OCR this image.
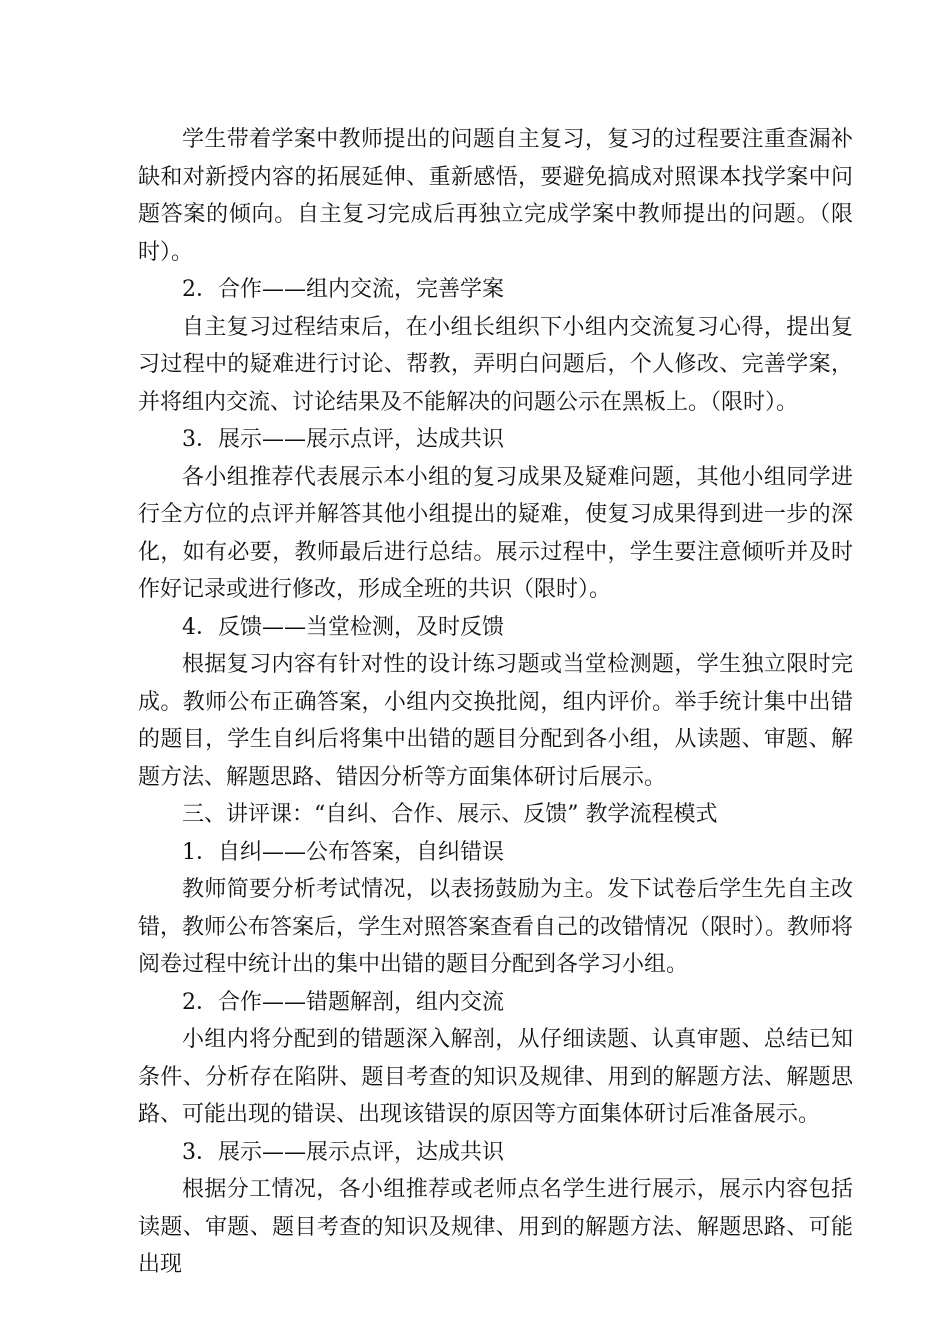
学生带着学案中教师提出的问题自主复习，复习的过程要注重查漏补缺和对新授内容的拓展延伸、重新感悟，要避免搞成对照课本找学案中问题答案的倾向。自主复习完成后再独立完成学案中教师提出的问题。（限时）。

2．合作——组内交流，完善学案

自主复习过程结束后，在小组长组织下小组内交流复习心得，提出复习过程中的疑难进行讨论、帮教，弄明白问题后，个人修改、完善学案，并将组内交流、讨论结果及不能解决的问题公示在黑板上。（限时）。

3．展示——展示点评，达成共识

各小组推荐代表展示本小组的复习成果及疑难问题，其他小组同学进行全方位的点评并解答其他小组提出的疑难，使复习成果得到进一步的深化，如有必要，教师最后进行总结。展示过程中，学生要注意倾听并及时作好记录或进行修改，形成全班的共识（限时）。

4．反馈——当堂检测，及时反馈

根据复习内容有针对性的设计练习题或当堂检测题，学生独立限时完成。教师公布正确答案，小组内交换批阅，组内评价。举手统计集中出错的题目，学生自纠后将集中出错的题目分配到各小组，从读题、审题、解题方法、解题思路、错因分析等方面集体研讨后展示。

三、讲评课：“自纠、合作、展示、反馈” 教学流程模式

1．自纠——公布答案，自纠错误

教师简要分析考试情况，以表扬鼓励为主。发下试卷后学生先自主改错，教师公布答案后，学生对照答案查看自己的改错情况（限时）。教师将阅卷过程中统计出的集中出错的题目分配到各学习小组。

2．合作——错题解剖，组内交流

小组内将分配到的错题深入解剖，从仔细读题、认真审题、总结已知条件、分析存在陷阱、题目考查的知识及规律、用到的解题方法、解题思路、可能出现的错误、出现该错误的原因等方面集体研讨后准备展示。

3．展示——展示点评，达成共识

根据分工情况，各小组推荐或老师点名学生进行展示，展示内容包括读题、审题、题目考查的知识及规律、用到的解题方法、解题思路、可能出现
